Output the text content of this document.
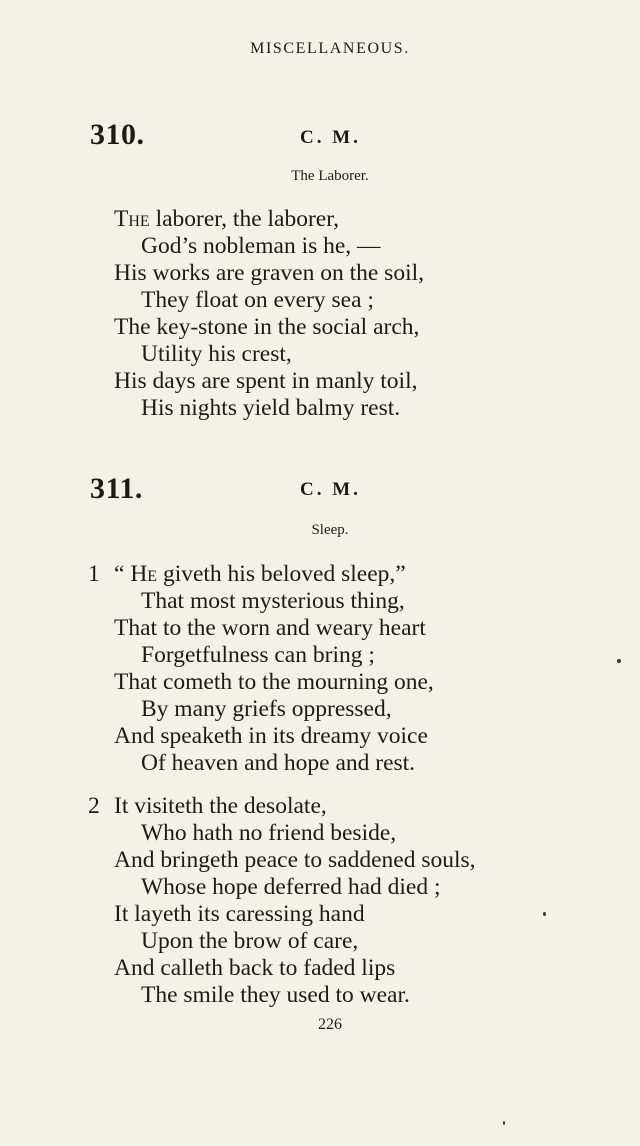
MISCELLANEOUS.
310.	C. M.
The Laborer.
The laborer, the laborer,
God’s nobleman is he, —
His works are graven on the soil,
They float on every sea ;
The key-stone in the social arch,
Utility his crest,
His days are spent in manly toil,
His nights yield balmy rest.
311.	C. M.
Sleep.
1 “ He giveth his beloved sleep,”
That most mysterious thing,
That to the worn and weary heart
Forgetfulness can bring ;
That cometh to the mourning one,
By many griefs oppressed,
And speaketh in its dreamy voice
Of heaven and hope and rest.
2 It visiteth the desolate,
Who hath no friend beside,
And bringeth peace to saddened souls,
Whose hope deferred had died ;
It layeth its caressing hand
Upon the brow of care,
And calleth back to faded lips
The smile they used to wear.
226
